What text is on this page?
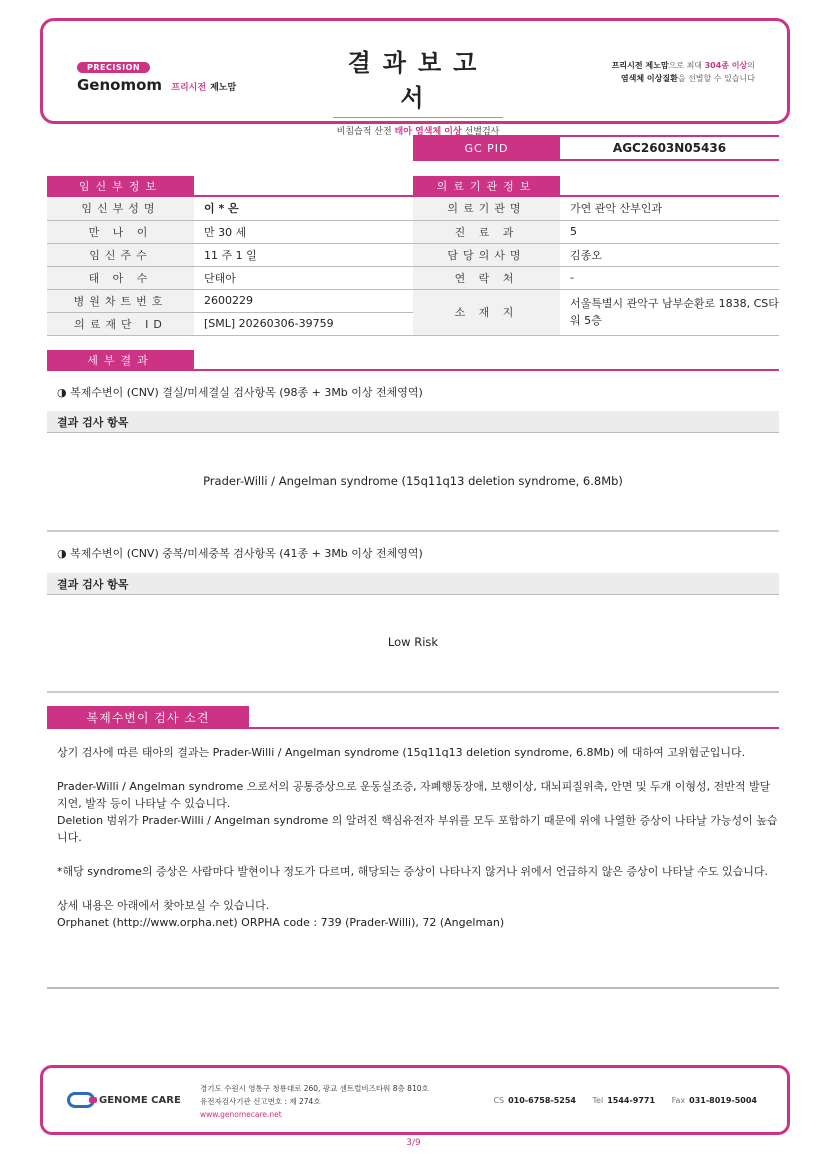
PRECISION
Genomom 프리시전 제노맘
결과보고서
비침습적 산전 태아 염색체 이상 선별검사
프리시전 제노맘으로 최대 304종 이상의
염색체 이상질환을 선별할 수 있습니다
GC PID	AGC2603N05436
임신부정보
임신부성명	이 * 은
만 나 이	만 30 세
임신주수	11 주 1 일
태 아 수	단태아
병원차트번호	2600229
의료재단 ID	[SML] 20260306-39759
의료기관정보
의료기관명	가연 관악 산부인과
진 료 과	5
담당의사명	김종오
연 락 처	-
소 재 지	서울특별시 관악구 남부순환로 1838, CS타워 5층
세부결과
◑ 복제수변이 (CNV) 결실/미세결실 검사항목 (98종 + 3Mb 이상 전체영역)
결과 검사 항목
Prader-Willi / Angelman syndrome (15q11q13 deletion syndrome, 6.8Mb)
◑ 복제수변이 (CNV) 중복/미세중복 검사항목 (41종 + 3Mb 이상 전체영역)
결과 검사 항목
Low Risk
복제수변이 검사 소견

상기 검사에 따른 태아의 결과는 Prader-Willi / Angelman syndrome (15q11q13 deletion syndrome, 6.8Mb) 에 대하여 고위험군입니다.

Prader-Willi / Angelman syndrome 으로서의 공통증상으로 운동실조증, 자폐행동장애, 보행이상, 대뇌피질위축, 안면 및 두개 이형성, 전반적 발달지연, 발작 등이 나타날 수 있습니다.

Deletion 범위가 Prader-Willi / Angelman syndrome 의 알려진 핵심유전자 부위를 모두 포함하기 때문에 위에 나열한 증상이 나타날 가능성이 높습니다.

*해당 syndrome의 증상은 사람마다 발현이나 정도가 다르며, 해당되는 증상이 나타나지 않거나 위에서 언급하지 않은 증상이 나타날 수도 있습니다.

상세 내용은 아래에서 찾아보실 수 있습니다.

Orphanet (http://www.orpha.net) ORPHA code : 739 (Prader-Willi), 72 (Angelman)

GENOME CARE
경기도 수원시 영통구 청룡대로 260, 광교 센트럴비즈타워 8층 810호
유전자검사기관 신고번호 : 제 274호
www.genomecare.net
CS 010-6758-5254 Tel 1544-9771 Fax 031-8019-5004
3/9
